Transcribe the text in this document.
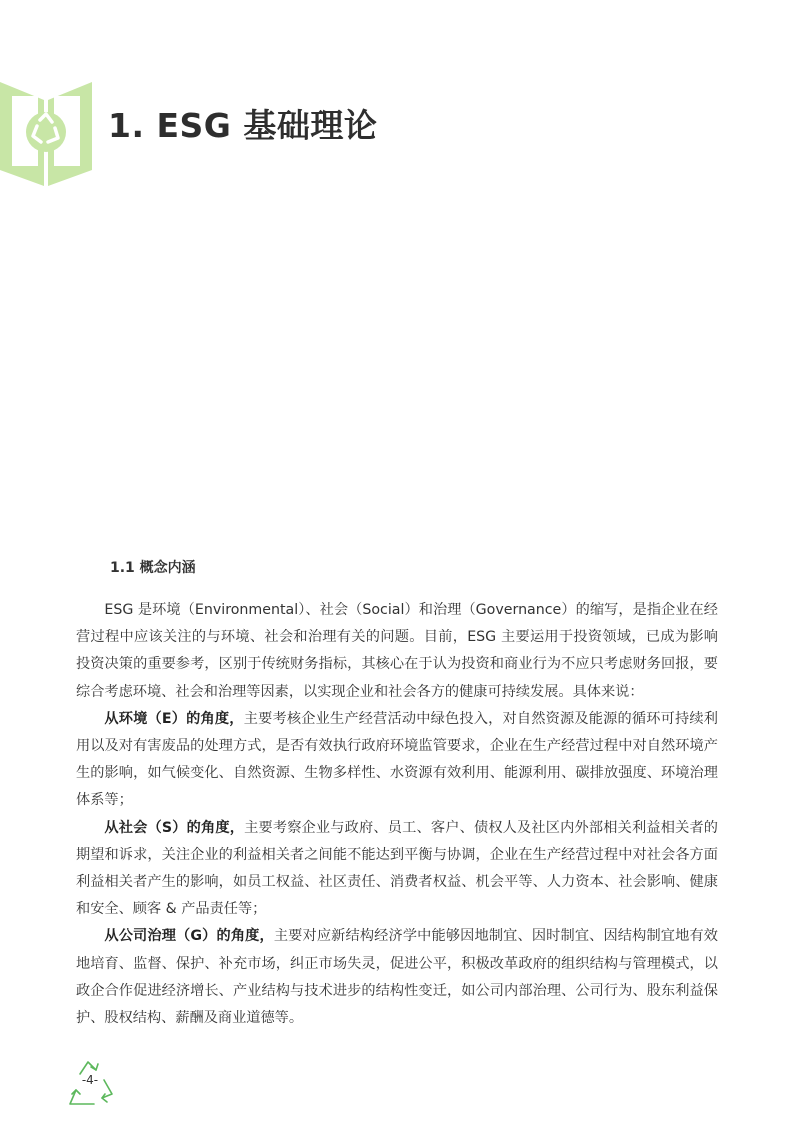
1. ESG 基础理论
1.1 概念内涵

ESG 是环境（Environmental）、社会（Social）和治理（Governance）的缩写，是指企业在经营过程中应该关注的与环境、社会和治理有关的问题。目前，ESG 主要运用于投资领域，已成为影响投资决策的重要参考，区别于传统财务指标，其核心在于认为投资和商业行为不应只考虑财务回报，要综合考虑环境、社会和治理等因素，以实现企业和社会各方的健康可持续发展。具体来说：

从环境（E）的角度，主要考核企业生产经营活动中绿色投入，对自然资源及能源的循环可持续利用以及对有害废品的处理方式，是否有效执行政府环境监管要求，企业在生产经营过程中对自然环境产生的影响，如气候变化、自然资源、生物多样性、水资源有效利用、能源利用、碳排放强度、环境治理体系等；

从社会（S）的角度，主要考察企业与政府、员工、客户、债权人及社区内外部相关利益相关者的期望和诉求，关注企业的利益相关者之间能不能达到平衡与协调，企业在生产经营过程中对社会各方面利益相关者产生的影响，如员工权益、社区责任、消费者权益、机会平等、人力资本、社会影响、健康和安全、顾客 & 产品责任等；

从公司治理（G）的角度，主要对应新结构经济学中能够因地制宜、因时制宜、因结构制宜地有效地培育、监督、保护、补充市场，纠正市场失灵，促进公平，积极改革政府的组织结构与管理模式，以政企合作促进经济增长、产业结构与技术进步的结构性变迁，如公司内部治理、公司行为、股东利益保护、股权结构、薪酬及商业道德等。

-4-
